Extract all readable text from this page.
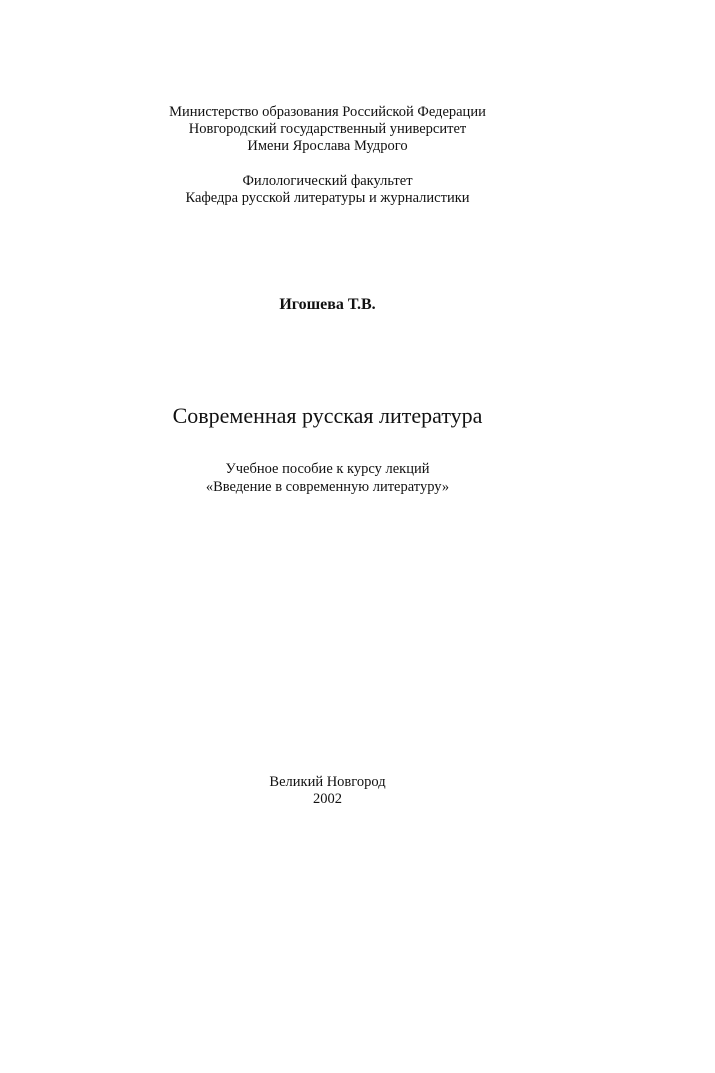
Министерство образования Российской Федерации
Новгородский государственный университет
Имени Ярослава Мудрого
Филологический факультет
Кафедра русской литературы и журналистики
Игошева Т.В.
Современная русская литература
Учебное пособие к курсу лекций
«Введение в современную литературу»
Великий Новгород
2002
